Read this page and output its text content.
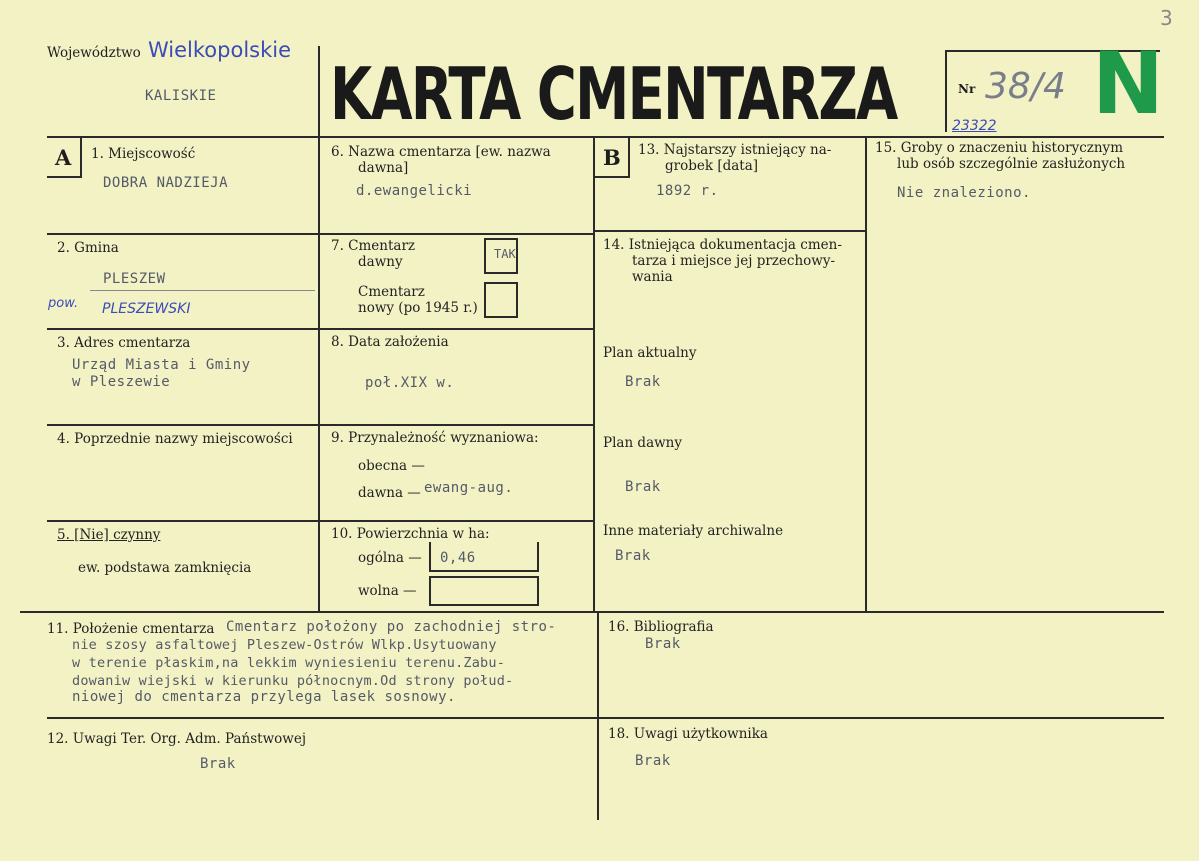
Województwo Wielkopolskie
KALISKIE KARTA CMENTARZA	Nr 38/4 N
23322
3
A 1. Miejscowość
DOBRA NADZIEJA
2. Gmina
PLESZEW
pow. PLESZEWSKI
3. Adres cmentarza
Urząd Miasta i Gminy
w Pleszewie
4. Poprzednie nazwy miejscowości
5. [Nie] czynny
ew. podstawa zamknięcia
6. Nazwa cmentarza [ew. nazwa
dawna]
d.ewangelicki
7. Cmentarz
dawny	TAK
Cmentarz
nowy (po 1945 r.)
8. Data założenia
poł.XIX w.
9. Przynależność wyznaniowa:
obecna —
dawna — ewang-aug.
10. Powierzchnia w ha:
ogólna — 0,46
wolna —
B 13. Najstarszy istniejący na-
grobek [data]
1892 r.
14. Istniejąca dokumentacja cmen-
tarza i miejsce jej przechowy-
wania
Plan aktualny
Brak
Plan dawny
Brak
Inne materiały archiwalne
Brak
15. Groby o znaczeniu historycznym
lub osób szczególnie zasłużonych
Nie znaleziono.
11. Położenie cmentarza Cmentarz położony po zachodniej stro-
nie szosy asfaltowej Pleszew-Ostrów Wlkp.Usytuowany
w terenie płaskim,na lekkim wyniesieniu terenu.Zabu-
dowaniw wiejski w kierunku północnym.Od strony połud-
niowej do cmentarza przylega lasek sosnowy.
16. Bibliografia
Brak
12. Uwagi Ter. Org. Adm. Państwowej
Brak
18. Uwagi użytkownika
Brak
